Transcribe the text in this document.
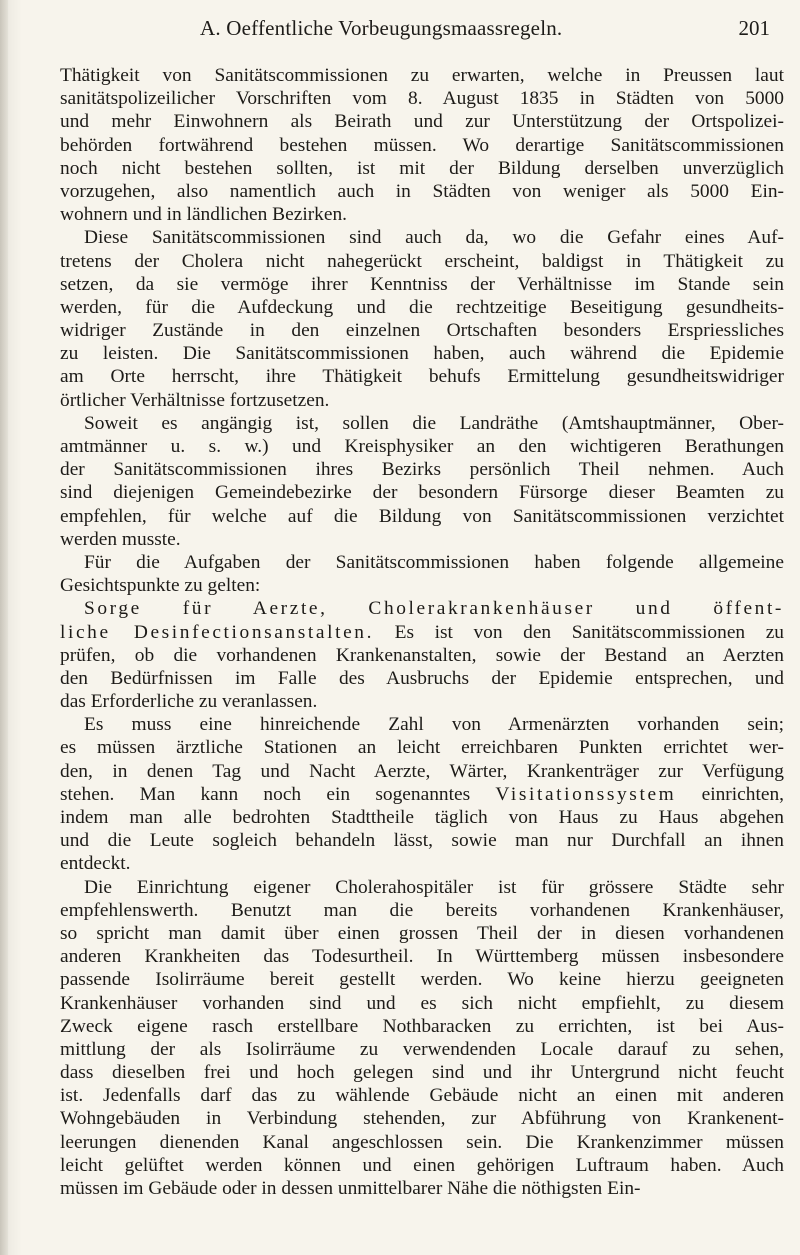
A. Oeffentliche Vorbeugungsmaassregeln.	201
Thätigkeit von Sanitätscommissionen zu erwarten, welche in Preussen laut
sanitätspolizeilicher Vorschriften vom 8. August 1835 in Städten von 5000
und mehr Einwohnern als Beirath und zur Unterstützung der Ortspolizei-
behörden fortwährend bestehen müssen. Wo derartige Sanitätscommissionen
noch nicht bestehen sollten, ist mit der Bildung derselben unverzüglich
vorzugehen, also namentlich auch in Städten von weniger als 5000 Ein-
wohnern und in ländlichen Bezirken.
Diese Sanitätscommissionen sind auch da, wo die Gefahr eines Auf-
tretens der Cholera nicht nahegerückt erscheint, baldigst in Thätigkeit zu
setzen, da sie vermöge ihrer Kenntniss der Verhältnisse im Stande sein
werden, für die Aufdeckung und die rechtzeitige Beseitigung gesundheits-
widriger Zustände in den einzelnen Ortschaften besonders Erspriessliches
zu leisten. Die Sanitätscommissionen haben, auch während die Epidemie
am Orte herrscht, ihre Thätigkeit behufs Ermittelung gesundheitswidriger
örtlicher Verhältnisse fortzusetzen.
Soweit es angängig ist, sollen die Landräthe (Amtshauptmänner, Ober-
amtmänner u. s. w.) und Kreisphysiker an den wichtigeren Berathungen
der Sanitätscommissionen ihres Bezirks persönlich Theil nehmen. Auch
sind diejenigen Gemeindebezirke der besondern Fürsorge dieser Beamten zu
empfehlen, für welche auf die Bildung von Sanitätscommissionen verzichtet
werden musste.
Für die Aufgaben der Sanitätscommissionen haben folgende allgemeine
Gesichtspunkte zu gelten:
Sorge für Aerzte, Cholerakrankenhäuser und öffent-
liche Desinfectionsanstalten. Es ist von den Sanitätscommissionen zu
prüfen, ob die vorhandenen Krankenanstalten, sowie der Bestand an Aerzten
den Bedürfnissen im Falle des Ausbruchs der Epidemie entsprechen, und
das Erforderliche zu veranlassen.
Es muss eine hinreichende Zahl von Armenärzten vorhanden sein;
es müssen ärztliche Stationen an leicht erreichbaren Punkten errichtet wer-
den, in denen Tag und Nacht Aerzte, Wärter, Krankenträger zur Verfügung
stehen. Man kann noch ein sogenanntes Visitationssystem einrichten,
indem man alle bedrohten Stadttheile täglich von Haus zu Haus abgehen
und die Leute sogleich behandeln lässt, sowie man nur Durchfall an ihnen
entdeckt.
Die Einrichtung eigener Cholerahospitäler ist für grössere Städte sehr
empfehlenswerth. Benutzt man die bereits vorhandenen Krankenhäuser,
so spricht man damit über einen grossen Theil der in diesen vorhandenen
anderen Krankheiten das Todesurtheil. In Württemberg müssen insbesondere
passende Isolirräume bereit gestellt werden. Wo keine hierzu geeigneten
Krankenhäuser vorhanden sind und es sich nicht empfiehlt, zu diesem
Zweck eigene rasch erstellbare Nothbaracken zu errichten, ist bei Aus-
mittlung der als Isolirräume zu verwendenden Locale darauf zu sehen,
dass dieselben frei und hoch gelegen sind und ihr Untergrund nicht feucht
ist. Jedenfalls darf das zu wählende Gebäude nicht an einen mit anderen
Wohngebäuden in Verbindung stehenden, zur Abführung von Krankenent-
leerungen dienenden Kanal angeschlossen sein. Die Krankenzimmer müssen
leicht gelüftet werden können und einen gehörigen Luftraum haben. Auch
müssen im Gebäude oder in dessen unmittelbarer Nähe die nöthigsten Ein-
